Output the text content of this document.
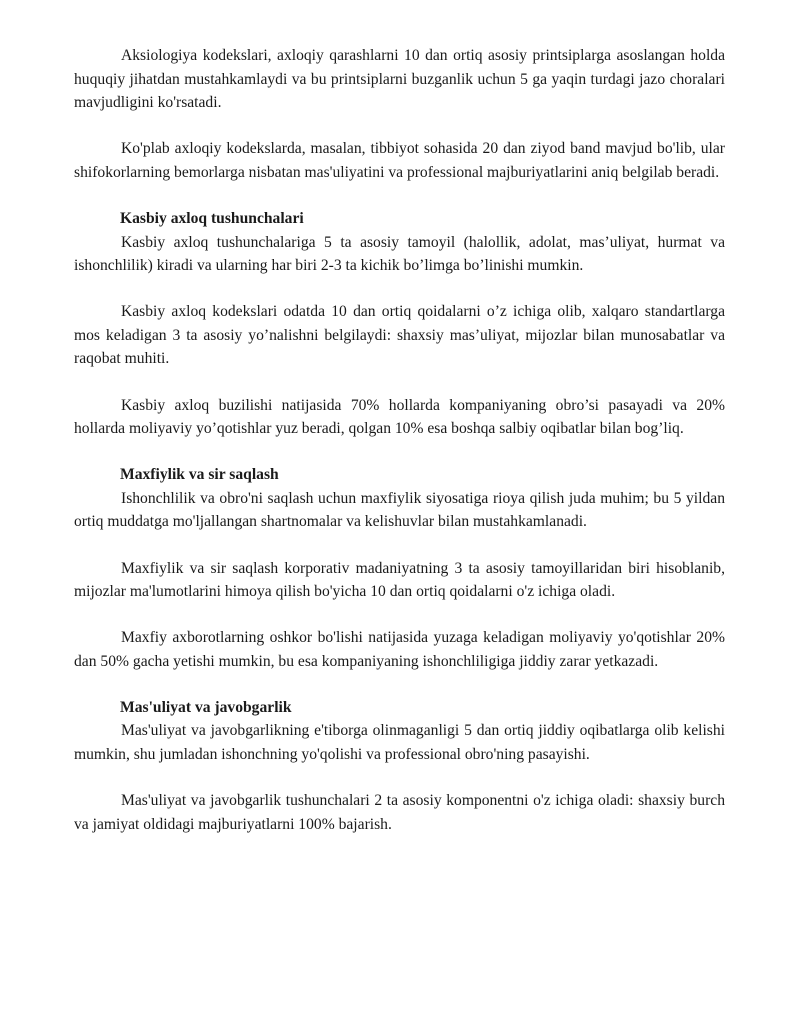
Aksiologiya kodekslari, axloqiy qarashlarni 10 dan ortiq asosiy printsiplarga asoslangan holda huquqiy jihatdan mustahkamlaydi va bu printsiplarni buzganlik uchun 5 ga yaqin turdagi jazo choralari mavjudligini ko'rsatadi.

Ko'plab axloqiy kodekslarda, masalan, tibbiyot sohasida 20 dan ziyod band mavjud bo'lib, ular shifokorlarning bemorlarga nisbatan mas'uliyatini va professional majburiyatlarini aniq belgilab beradi.

Kasbiy axloq tushunchalari

Kasbiy axloq tushunchalariga 5 ta asosiy tamoyil (halollik, adolat, mas’uliyat, hurmat va ishonchlilik) kiradi va ularning har biri 2-3 ta kichik bo’limga bo’linishi mumkin.

Kasbiy axloq kodekslari odatda 10 dan ortiq qoidalarni o’z ichiga olib, xalqaro standartlarga mos keladigan 3 ta asosiy yo’nalishni belgilaydi: shaxsiy mas’uliyat, mijozlar bilan munosabatlar va raqobat muhiti.

Kasbiy axloq buzilishi natijasida 70% hollarda kompaniyaning obro’si pasayadi va 20% hollarda moliyaviy yo’qotishlar yuz beradi, qolgan 10% esa boshqa salbiy oqibatlar bilan bog’liq.

Maxfiylik va sir saqlash

Ishonchlilik va obro'ni saqlash uchun maxfiylik siyosatiga rioya qilish juda muhim; bu 5 yildan ortiq muddatga mo'ljallangan shartnomalar va kelishuvlar bilan mustahkamlanadi.

Maxfiylik va sir saqlash korporativ madaniyatning 3 ta asosiy tamoyillaridan biri hisoblanib, mijozlar ma'lumotlarini himoya qilish bo'yicha 10 dan ortiq qoidalarni o'z ichiga oladi.

Maxfiy axborotlarning oshkor bo'lishi natijasida yuzaga keladigan moliyaviy yo'qotishlar 20% dan 50% gacha yetishi mumkin, bu esa kompaniyaning ishonchliligiga jiddiy zarar yetkazadi.

Mas'uliyat va javobgarlik

Mas'uliyat va javobgarlikning e'tiborga olinmaganligi 5 dan ortiq jiddiy oqibatlarga olib kelishi mumkin, shu jumladan ishonchning yo'qolishi va professional obro'ning pasayishi.

Mas'uliyat va javobgarlik tushunchalari 2 ta asosiy komponentni o'z ichiga oladi: shaxsiy burch va jamiyat oldidagi majburiyatlarni 100% bajarish.
